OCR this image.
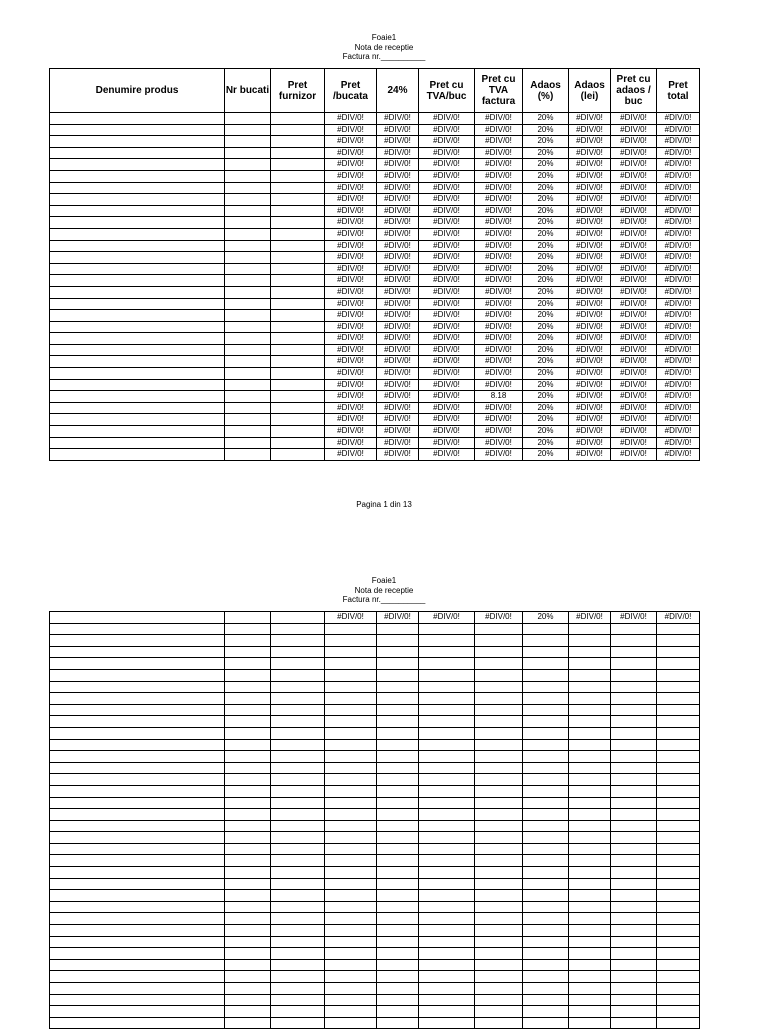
Foaie1
Nota de receptie
Factura nr.__________
Denumire produs	Nr bucati	Pret furnizor	Pret /bucata	24%	Pret cu TVA/buc	Pret cu TVA factura	Adaos (%)	Adaos (lei)	Pret cu adaos / buc	Pret total
			#DIV/0!	#DIV/0!	#DIV/0!	#DIV/0!	20%	#DIV/0!	#DIV/0!	#DIV/0!
			#DIV/0!	#DIV/0!	#DIV/0!	#DIV/0!	20%	#DIV/0!	#DIV/0!	#DIV/0!
			#DIV/0!	#DIV/0!	#DIV/0!	#DIV/0!	20%	#DIV/0!	#DIV/0!	#DIV/0!
			#DIV/0!	#DIV/0!	#DIV/0!	#DIV/0!	20%	#DIV/0!	#DIV/0!	#DIV/0!
			#DIV/0!	#DIV/0!	#DIV/0!	#DIV/0!	20%	#DIV/0!	#DIV/0!	#DIV/0!
			#DIV/0!	#DIV/0!	#DIV/0!	#DIV/0!	20%	#DIV/0!	#DIV/0!	#DIV/0!
			#DIV/0!	#DIV/0!	#DIV/0!	#DIV/0!	20%	#DIV/0!	#DIV/0!	#DIV/0!
			#DIV/0!	#DIV/0!	#DIV/0!	#DIV/0!	20%	#DIV/0!	#DIV/0!	#DIV/0!
			#DIV/0!	#DIV/0!	#DIV/0!	#DIV/0!	20%	#DIV/0!	#DIV/0!	#DIV/0!
			#DIV/0!	#DIV/0!	#DIV/0!	#DIV/0!	20%	#DIV/0!	#DIV/0!	#DIV/0!
			#DIV/0!	#DIV/0!	#DIV/0!	#DIV/0!	20%	#DIV/0!	#DIV/0!	#DIV/0!
			#DIV/0!	#DIV/0!	#DIV/0!	#DIV/0!	20%	#DIV/0!	#DIV/0!	#DIV/0!
			#DIV/0!	#DIV/0!	#DIV/0!	#DIV/0!	20%	#DIV/0!	#DIV/0!	#DIV/0!
			#DIV/0!	#DIV/0!	#DIV/0!	#DIV/0!	20%	#DIV/0!	#DIV/0!	#DIV/0!
			#DIV/0!	#DIV/0!	#DIV/0!	#DIV/0!	20%	#DIV/0!	#DIV/0!	#DIV/0!
			#DIV/0!	#DIV/0!	#DIV/0!	#DIV/0!	20%	#DIV/0!	#DIV/0!	#DIV/0!
			#DIV/0!	#DIV/0!	#DIV/0!	#DIV/0!	20%	#DIV/0!	#DIV/0!	#DIV/0!
			#DIV/0!	#DIV/0!	#DIV/0!	#DIV/0!	20%	#DIV/0!	#DIV/0!	#DIV/0!
			#DIV/0!	#DIV/0!	#DIV/0!	#DIV/0!	20%	#DIV/0!	#DIV/0!	#DIV/0!
			#DIV/0!	#DIV/0!	#DIV/0!	#DIV/0!	20%	#DIV/0!	#DIV/0!	#DIV/0!
			#DIV/0!	#DIV/0!	#DIV/0!	#DIV/0!	20%	#DIV/0!	#DIV/0!	#DIV/0!
			#DIV/0!	#DIV/0!	#DIV/0!	#DIV/0!	20%	#DIV/0!	#DIV/0!	#DIV/0!
			#DIV/0!	#DIV/0!	#DIV/0!	#DIV/0!	20%	#DIV/0!	#DIV/0!	#DIV/0!
			#DIV/0!	#DIV/0!	#DIV/0!	#DIV/0!	20%	#DIV/0!	#DIV/0!	#DIV/0!
			#DIV/0!	#DIV/0!	#DIV/0!	8.18	20%	#DIV/0!	#DIV/0!	#DIV/0!
			#DIV/0!	#DIV/0!	#DIV/0!	#DIV/0!	20%	#DIV/0!	#DIV/0!	#DIV/0!
			#DIV/0!	#DIV/0!	#DIV/0!	#DIV/0!	20%	#DIV/0!	#DIV/0!	#DIV/0!
			#DIV/0!	#DIV/0!	#DIV/0!	#DIV/0!	20%	#DIV/0!	#DIV/0!	#DIV/0!
			#DIV/0!	#DIV/0!	#DIV/0!	#DIV/0!	20%	#DIV/0!	#DIV/0!	#DIV/0!
			#DIV/0!	#DIV/0!	#DIV/0!	#DIV/0!	20%	#DIV/0!	#DIV/0!	#DIV/0!
Pagina 1 din 13
Foaie1
Nota de receptie
Factura nr.__________
			#DIV/0!	#DIV/0!	#DIV/0!	#DIV/0!	20%	#DIV/0!	#DIV/0!	#DIV/0!
